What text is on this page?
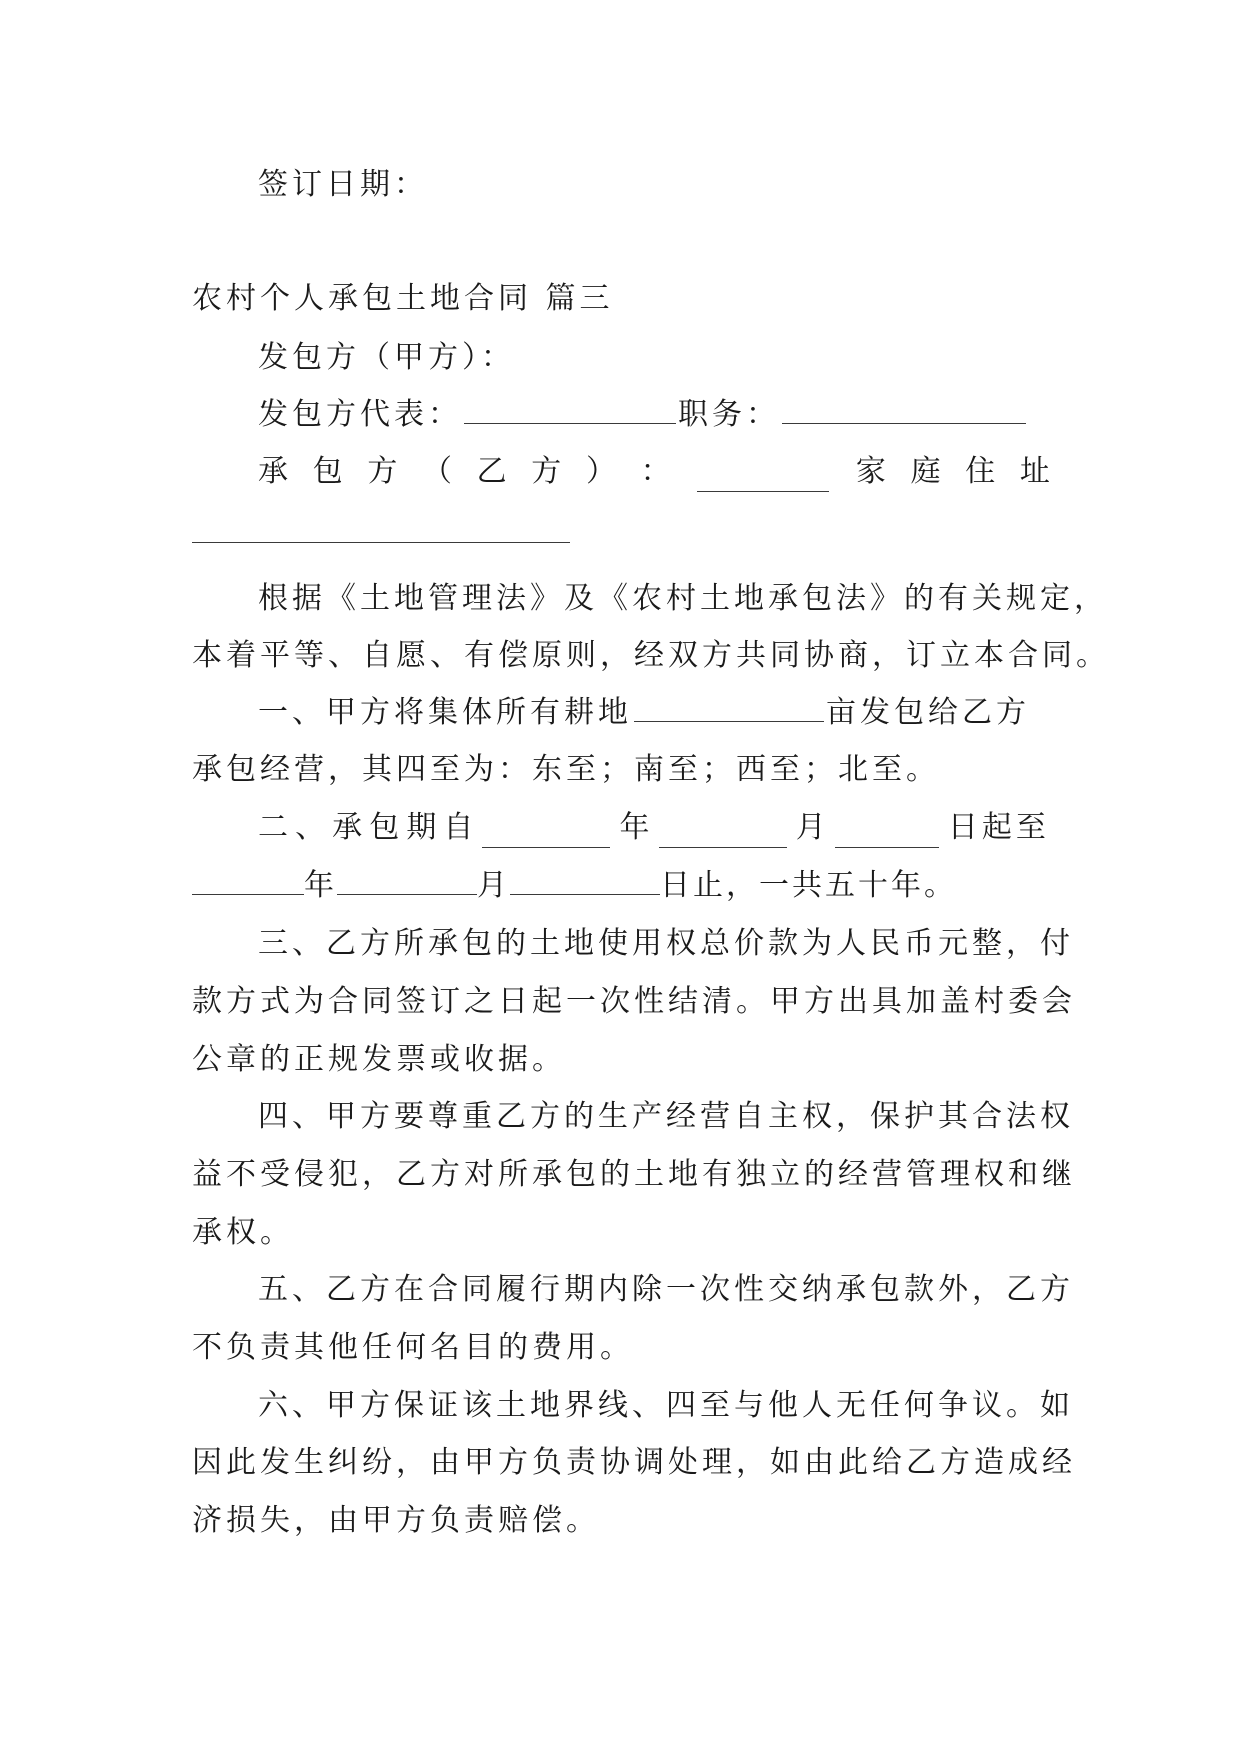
签订日期：
农村个人承包土地合同 篇三
发包方（甲方）：
发包方代表：	职务：
承 包 方 （ 乙 方 ） ：	家 庭 住 址
根据《土地管理法》及《农村土地承包法》的有关规定，
本着平等、自愿、有偿原则，经双方共同协商，订立本合同。
一、甲方将集体所有耕地	亩发包给乙方
承包经营，其四至为：东至；南至；西至；北至。
二 、 承 包 期 自	年	月	日起至
年	月	日止，一共五十年。
三、乙方所承包的土地使用权总价款为人民币元整，付
款方式为合同签订之日起一次性结清。甲方出具加盖村委会
公章的正规发票或收据。
四、甲方要尊重乙方的生产经营自主权，保护其合法权
益不受侵犯，乙方对所承包的土地有独立的经营管理权和继
承权。
五、乙方在合同履行期内除一次性交纳承包款外，乙方
不负责其他任何名目的费用。
六、甲方保证该土地界线、四至与他人无任何争议。如
因此发生纠纷，由甲方负责协调处理，如由此给乙方造成经
济损失，由甲方负责赔偿。
